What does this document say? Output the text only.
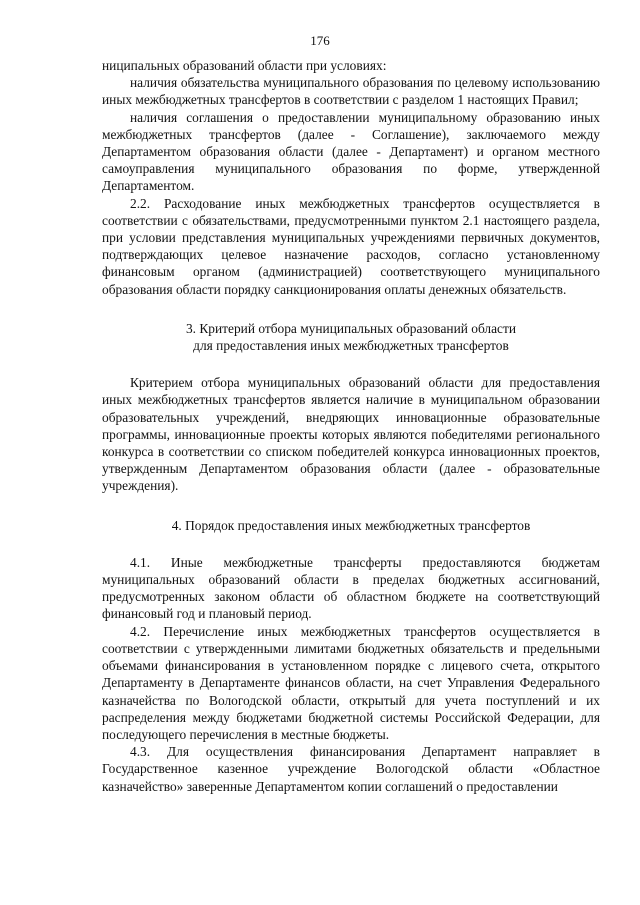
176

ниципальных образований области при условиях:

наличия обязательства муниципального образования по целевому использованию иных межбюджетных трансфертов в соответствии с разделом 1 настоящих Правил;

наличия соглашения о предоставлении муниципальному образованию иных межбюджетных трансфертов (далее - Соглашение), заключаемого между Департаментом образования области (далее - Департамент) и органом местного самоуправления муниципального образования по форме, утвержденной Департаментом.

2.2. Расходование иных межбюджетных трансфертов осуществляется в соответствии с обязательствами, предусмотренными пунктом 2.1 настоящего раздела, при условии представления муниципальных учреждениями первичных документов, подтверждающих целевое назначение расходов, согласно установленному финансовым органом (администрацией) соответствующего муниципального образования области порядку санкционирования оплаты денежных обязательств.

3. Критерий отбора муниципальных образований области

для предоставления иных межбюджетных трансфертов

Критерием отбора муниципальных образований области для предоставления иных межбюджетных трансфертов является наличие в муниципальном образовании образовательных учреждений, внедряющих инновационные образовательные программы, инновационные проекты которых являются победителями регионального конкурса в соответствии со списком победителей конкурса инновационных проектов, утвержденным Департаментом образования области (далее - образовательные учреждения).

4. Порядок предоставления иных межбюджетных трансфертов

4.1. Иные межбюджетные трансферты предоставляются бюджетам муниципальных образований области в пределах бюджетных ассигнований, предусмотренных законом области об областном бюджете на соответствующий финансовый год и плановый период.

4.2. Перечисление иных межбюджетных трансфертов осуществляется в соответствии с утвержденными лимитами бюджетных обязательств и предельными объемами финансирования в установленном порядке с лицевого счета, открытого Департаменту в Департаменте финансов области, на счет Управления Федерального казначейства по Вологодской области, открытый для учета поступлений и их распределения между бюджетами бюджетной системы Российской Федерации, для последующего перечисления в местные бюджеты.

4.3. Для осуществления финансирования Департамент направляет в Государственное казенное учреждение Вологодской области «Областное казначейство» заверенные Департаментом копии соглашений о предоставлении
